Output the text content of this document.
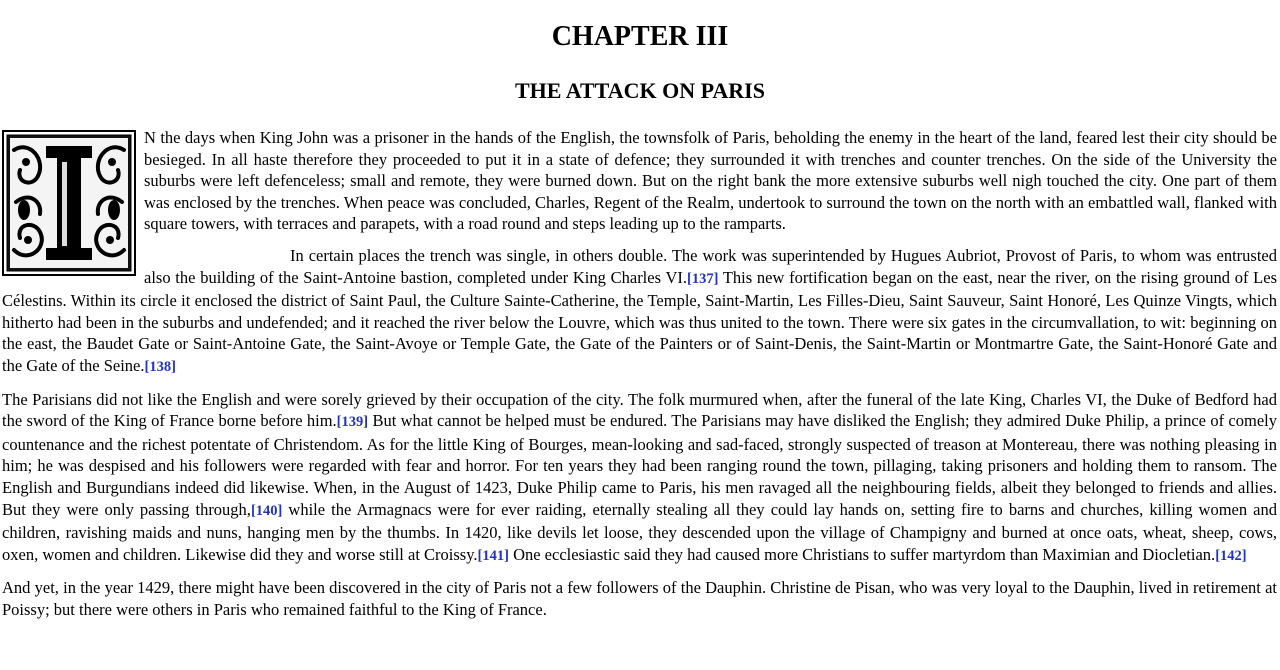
CHAPTER III
THE ATTACK ON PARIS

N the days when King John was a prisoner in the hands of the English, the townsfolk of Paris, beholding the enemy in the heart of the land, feared lest their city should be besieged. In all haste therefore they proceeded to put it in a state of defence; they surrounded it with trenches and counter trenches. On the side of the University the suburbs were left defenceless; small and remote, they were burned down. But on the right bank the more extensive suburbs well nigh touched the city. One part of them was enclosed by the trenches. When peace was concluded, Charles, Regent of the Realm, undertook to surround the town on the north with an embattled wall, flanked with square towers, with terraces and parapets, with a road round and steps leading up to the ramparts.

In certain places the trench was single, in others double. The work was superintended by Hugues Aubriot, Provost of Paris, to whom was entrusted also the building of the Saint-Antoine bastion, completed under King Charles VI.[137] This new fortification began on the east, near the river, on the rising ground of Les Célestins. Within its circle it enclosed the district of Saint Paul, the Culture Sainte-Catherine, the Temple, Saint-Martin, Les Filles-Dieu, Saint Sauveur, Saint Honoré, Les Quinze Vingts, which hitherto had been in the suburbs and undefended; and it reached the river below the Louvre, which was thus united to the town. There were six gates in the circumvallation, to wit: beginning on the east, the Baudet Gate or Saint-Antoine Gate, the Saint-Avoye or Temple Gate, the Gate of the Painters or of Saint-Denis, the Saint-Martin or Montmartre Gate, the Saint-Honoré Gate and the Gate of the Seine.[138]

The Parisians did not like the English and were sorely grieved by their occupation of the city. The folk murmured when, after the funeral of the late King, Charles VI, the Duke of Bedford had the sword of the King of France borne before him.[139] But what cannot be helped must be endured. The Parisians may have disliked the English; they admired Duke Philip, a prince of comely countenance and the richest potentate of Christendom. As for the little King of Bourges, mean-looking and sad-faced, strongly suspected of treason at Montereau, there was nothing pleasing in him; he was despised and his followers were regarded with fear and horror. For ten years they had been ranging round the town, pillaging, taking prisoners and holding them to ransom. The English and Burgundians indeed did likewise. When, in the August of 1423, Duke Philip came to Paris, his men ravaged all the neighbouring fields, albeit they belonged to friends and allies. But they were only passing through,[140] while the Armagnacs were for ever raiding, eternally stealing all they could lay hands on, setting fire to barns and churches, killing women and children, ravishing maids and nuns, hanging men by the thumbs. In 1420, like devils let loose, they descended upon the village of Champigny and burned at once oats, wheat, sheep, cows, oxen, women and children. Likewise did they and worse still at Croissy.[141] One ecclesiastic said they had caused more Christians to suffer martyrdom than Maximian and Diocletian.[142]

And yet, in the year 1429, there might have been discovered in the city of Paris not a few followers of the Dauphin. Christine de Pisan, who was very loyal to the Dauphin, lived in retirement at Poissy; but there were others in Paris who remained faithful to the King of France.
